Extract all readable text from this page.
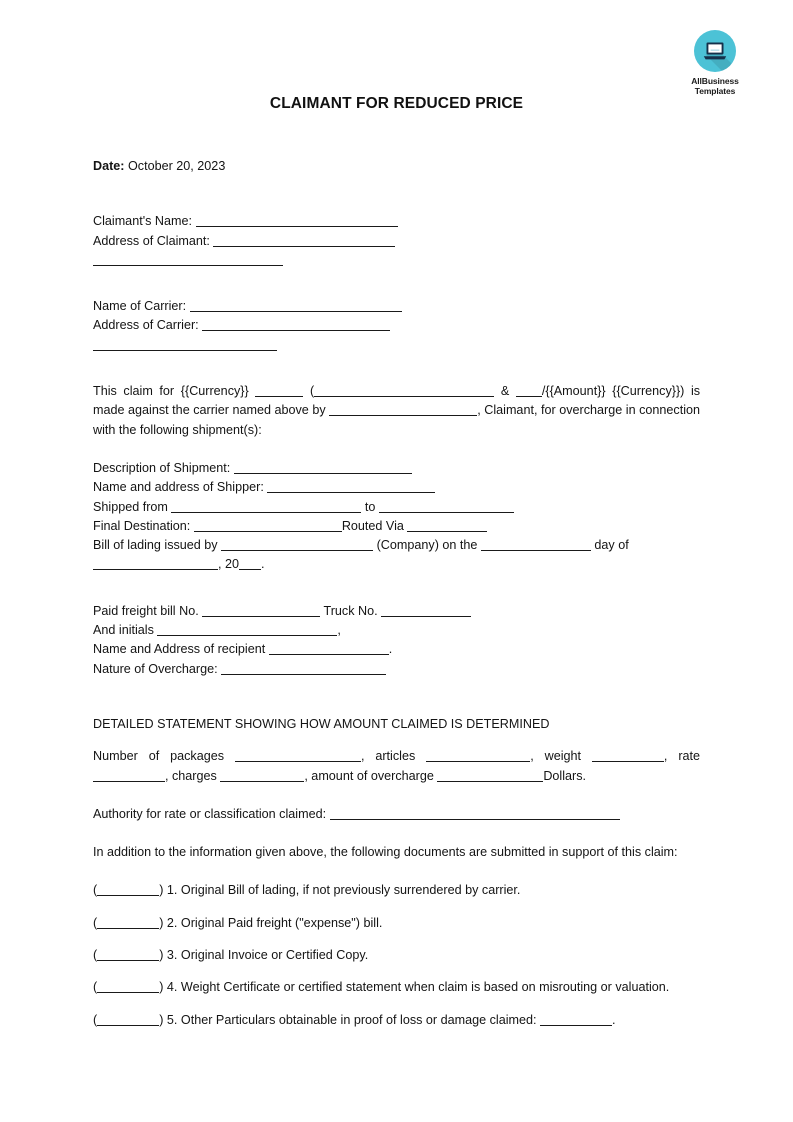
AllBusiness
Templates
CLAIMANT FOR REDUCED PRICE
Date: October 20, 2023
Claimant's Name:
Address of Claimant:
Name of Carrier:
Address of Carrier:
This claim for {{Currency}}	(	&	/{{Amount}} {{Currency}}) is made against the carrier named above by	, Claimant, for overcharge in connection with the following shipment(s):
Description of Shipment:
Name and address of Shipper:
Shipped from	to
Final Destination:	Routed Via
Bill of lading issued by	(Company) on the	day of
, 20 .
Paid freight bill No.	Truck No.
And initials	,
Name and Address of recipient	.
Nature of Overcharge:
DETAILED STATEMENT SHOWING HOW AMOUNT CLAIMED IS DETERMINED
Number of packages	, articles	, weight	, rate , charges	, amount of overcharge	Dollars.
Authority for rate or classification claimed:
In addition to the information given above, the following documents are submitted in support of this claim:
(	) 1. Original Bill of lading, if not previously surrendered by carrier.
(	) 2. Original Paid freight ("expense") bill.
(	) 3. Original Invoice or Certified Copy.
(	) 4. Weight Certificate or certified statement when claim is based on misrouting or valuation.
(	) 5. Other Particulars obtainable in proof of loss or damage claimed:	.
